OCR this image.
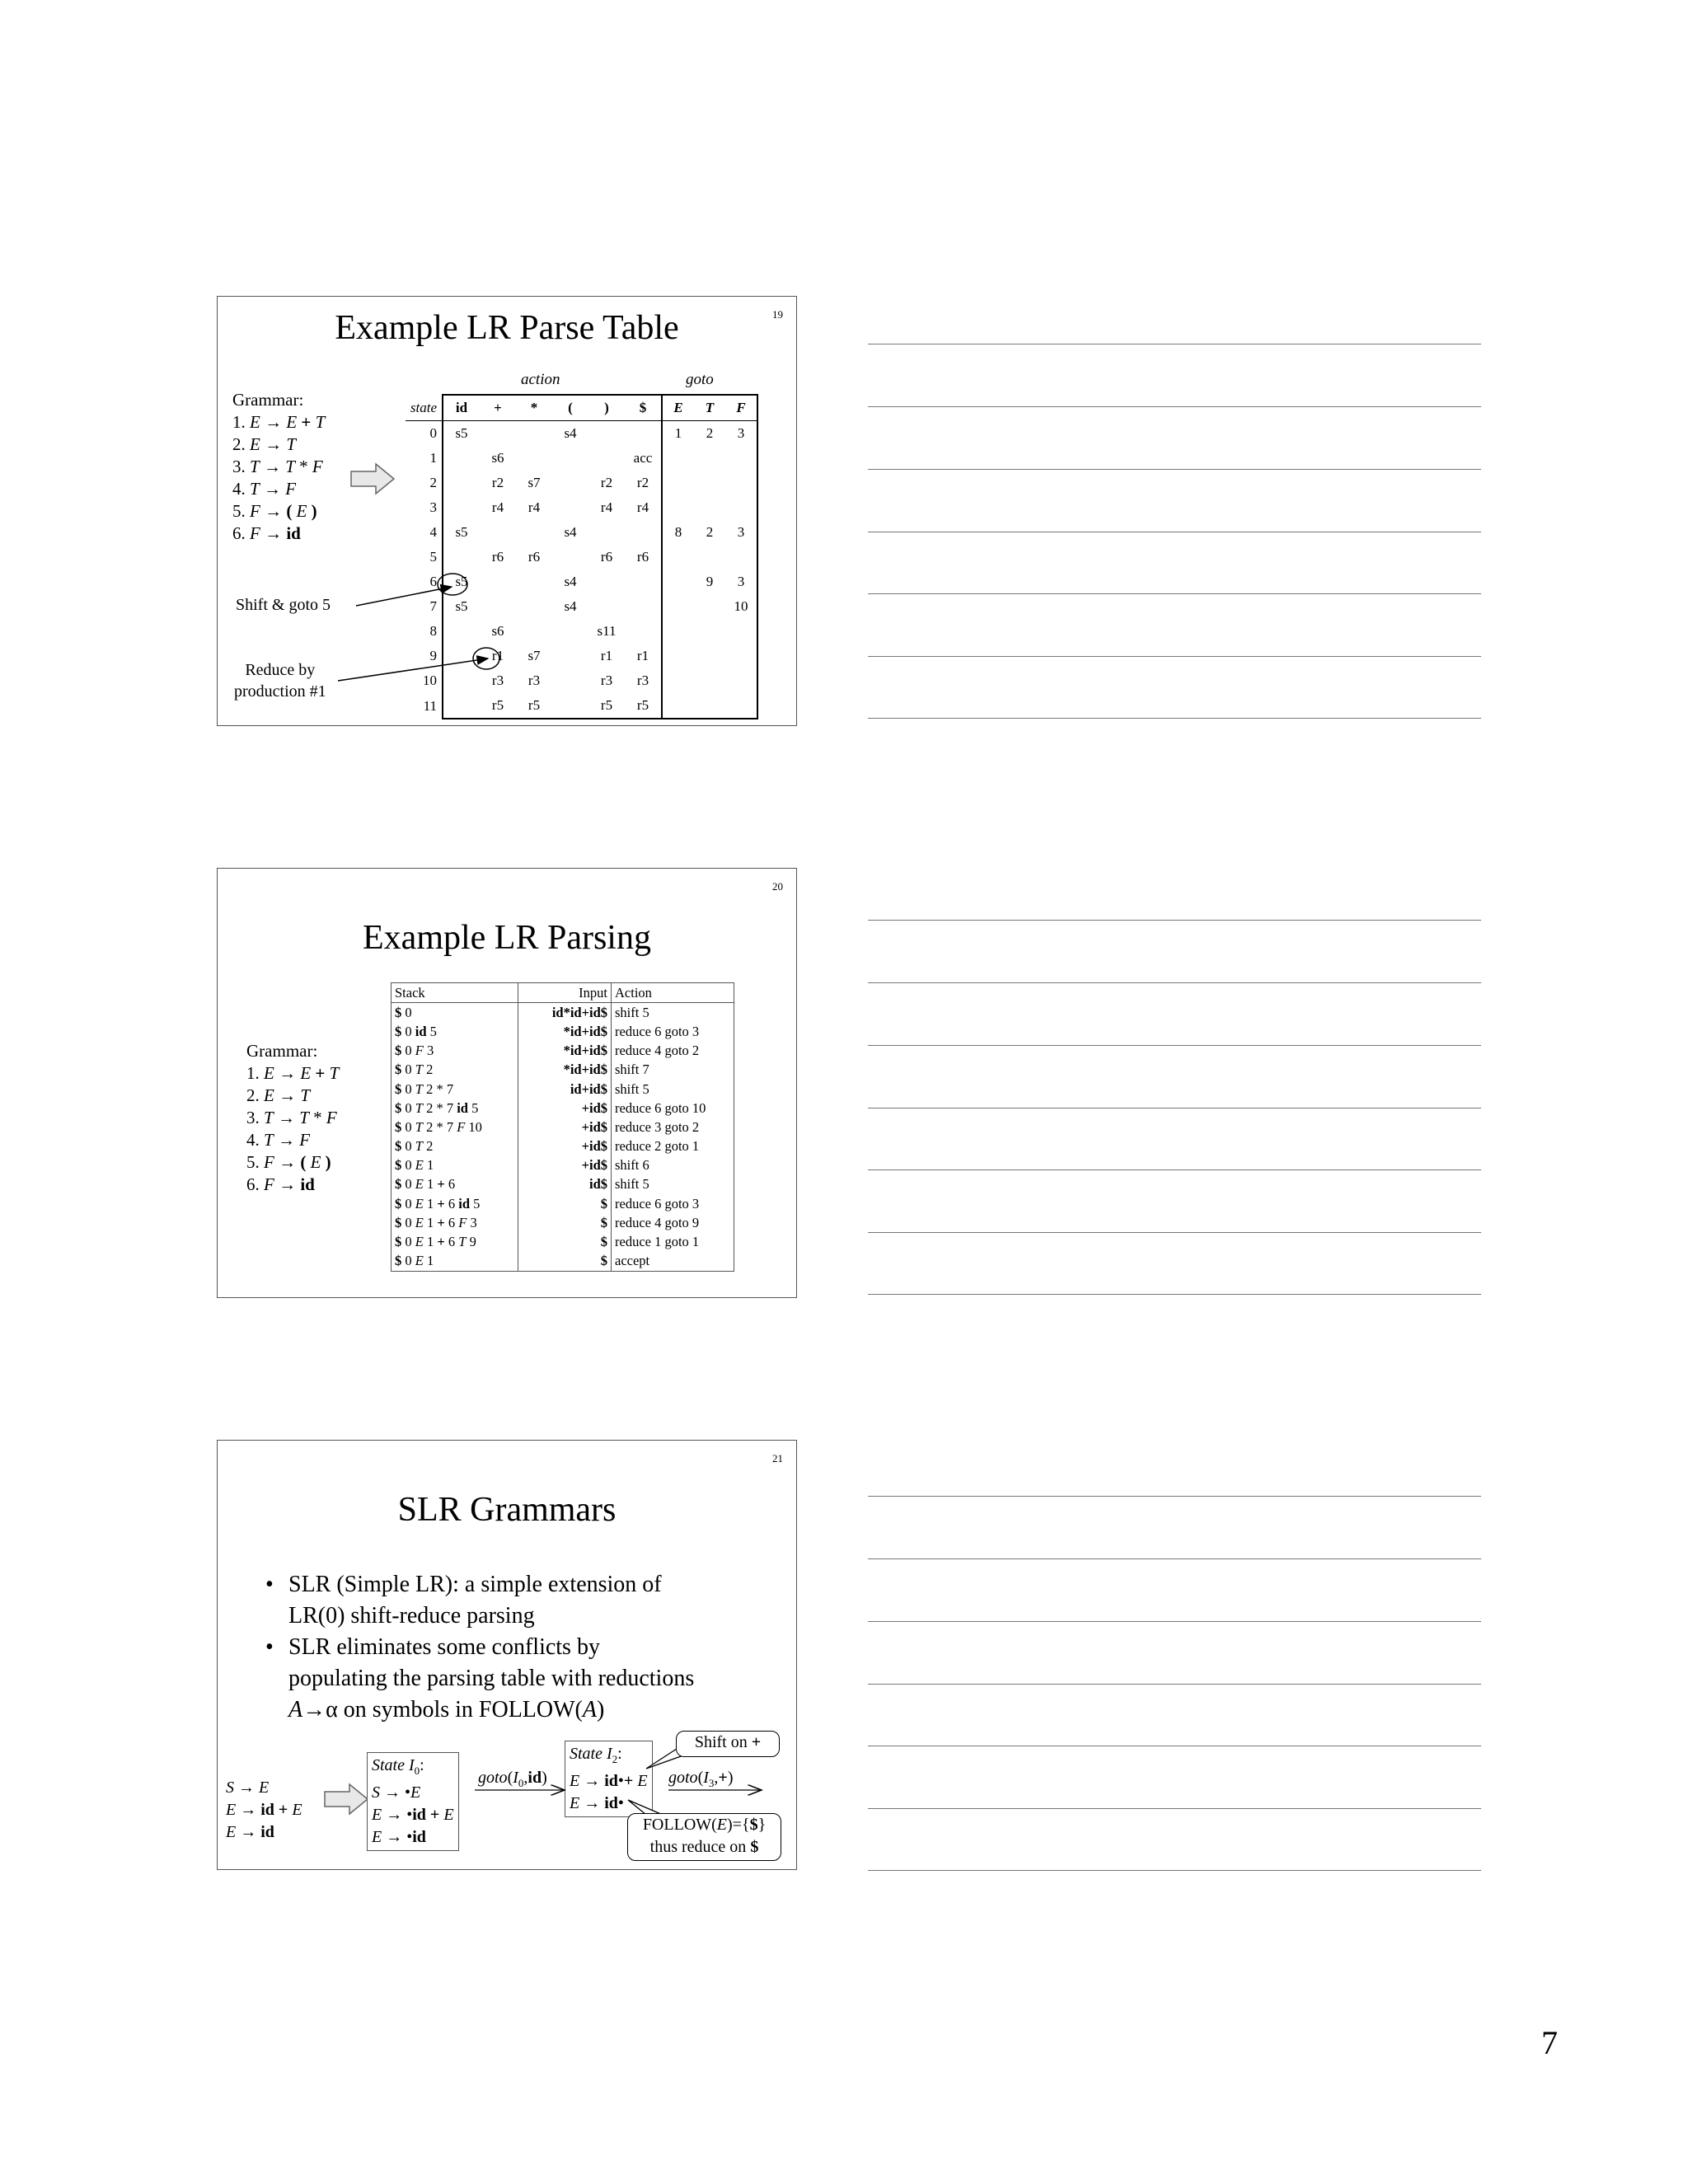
19
Example LR Parse Table
Grammar:
1. E → E + T
2. E → T
3. T → T * F
4. T → F
5. F → ( E )
6. F → id
action	goto
state	id	+	*	(	)	$	E	T	F
0	s5			s4			1	2	3
1		s6				acc			
2		r2	s7		r2	r2			
3		r4	r4		r4	r4			
4	s5			s4			8	2	3
5		r6	r6		r6	r6			
6	s5			s4				9	3
7	s5			s4					10
8		s6			s11				
9		r1	s7		r1	r1			
10		r3	r3		r3	r3			
11		r5	r5		r5	r5			
Shift & goto 5
Reduce by
production #1
20
Example LR Parsing
Grammar:
1. E → E + T
2. E → T
3. T → T * F
4. T → F
5. F → ( E )
6. F → id
Stack	Input	Action
$ 0	id*id+id$	shift 5
$ 0 id 5	*id+id$	reduce 6 goto 3
$ 0 F 3	*id+id$	reduce 4 goto 2
$ 0 T 2	*id+id$	shift 7
$ 0 T 2 * 7	id+id$	shift 5
$ 0 T 2 * 7 id 5	+id$	reduce 6 goto 10
$ 0 T 2 * 7 F 10	+id$	reduce 3 goto 2
$ 0 T 2	+id$	reduce 2 goto 1
$ 0 E 1	+id$	shift 6
$ 0 E 1 + 6	id$	shift 5
$ 0 E 1 + 6 id 5	$	reduce 6 goto 3
$ 0 E 1 + 6 F 3	$	reduce 4 goto 9
$ 0 E 1 + 6 T 9	$	reduce 1 goto 1
$ 0 E 1	$	accept
21
SLR Grammars
• SLR (Simple LR): a simple extension of
LR(0) shift-reduce parsing
• SLR eliminates some conflicts by
populating the parsing table with reductions
A→α on symbols in FOLLOW(A)
S → E
E → id + E
E → id
State $I_0$:
S → •E
E → •id + E
E → •id
$goto(I_0,id)$
State $I_2$:
E → id•+ E
E → id•
$goto(I_3,+)$
Shift on +
FOLLOW(E)={$}
thus reduce on $
7
